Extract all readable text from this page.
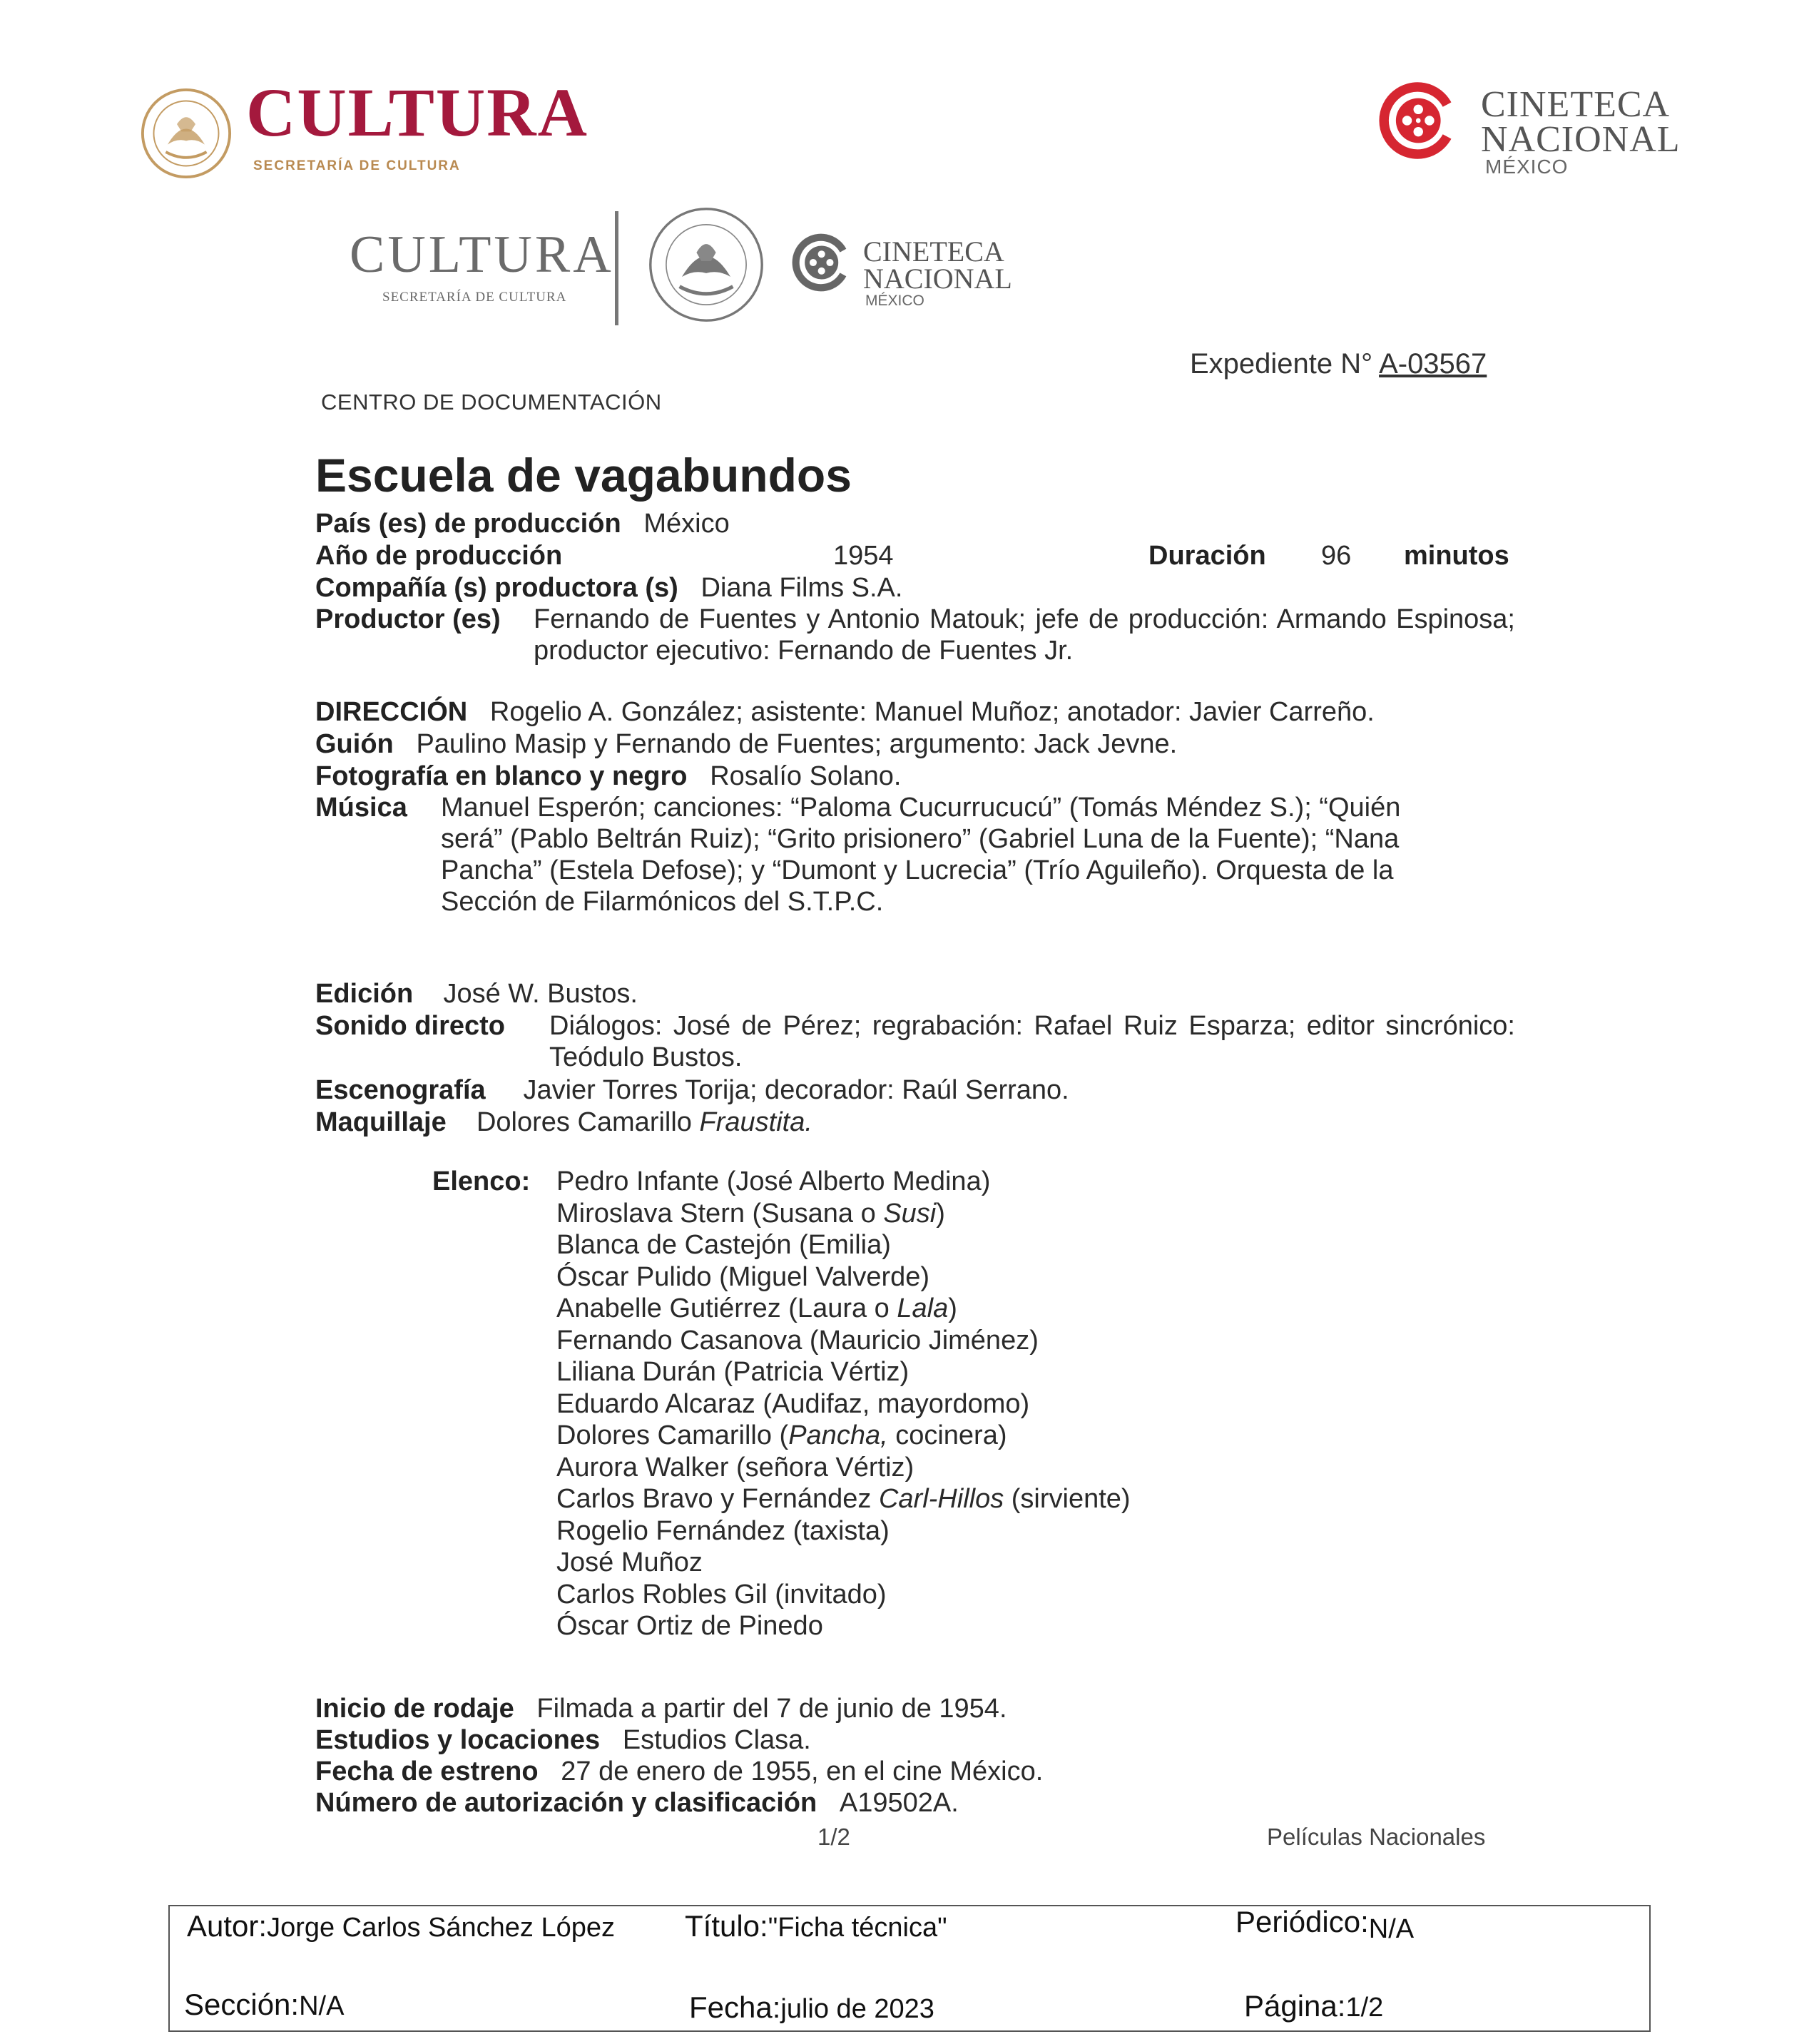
CULTURA
SECRETARÍA DE CULTURA
CINETECA
NACIONAL
MÉXICO
CULTURA
SECRETARÍA DE CULTURA
CINETECA
NACIONAL
MÉXICO
Expediente N° A-03567
CENTRO DE DOCUMENTACIÓN
Escuela de vagabundos
País (es) de producción México
Año de producción	1954	Duración 96 minutos
Compañía (s) productora (s) Diana Films S.A.
Productor (es) Fernando de Fuentes y Antonio Matouk; jefe de producción: Armando Espinosa; productor ejecutivo: Fernando de Fuentes Jr.
DIRECCIÓN Rogelio A. González; asistente: Manuel Muñoz; anotador: Javier Carreño.
Guión Paulino Masip y Fernando de Fuentes; argumento: Jack Jevne.
Fotografía en blanco y negro Rosalío Solano.
Música Manuel Esperón; canciones: “Paloma Cucurrucucú” (Tomás Méndez S.); “Quién será” (Pablo Beltrán Ruiz); “Grito prisionero” (Gabriel Luna de la Fuente); “Nana Pancha” (Estela Defose); y “Dumont y Lucrecia” (Trío Aguileño). Orquesta de la Sección de Filarmónicos del S.T.P.C.
Edición José W. Bustos.
Sonido directo Diálogos: José de Pérez; regrabación: Rafael Ruiz Esparza; editor sincrónico: Teódulo Bustos.
Escenografía Javier Torres Torija; decorador: Raúl Serrano.
Maquillaje Dolores Camarillo Fraustita.
Elenco: Pedro Infante (José Alberto Medina)
Miroslava Stern (Susana o Susi)
Blanca de Castejón (Emilia)
Óscar Pulido (Miguel Valverde)
Anabelle Gutiérrez (Laura o Lala)
Fernando Casanova (Mauricio Jiménez)
Liliana Durán (Patricia Vértiz)
Eduardo Alcaraz (Audifaz, mayordomo)
Dolores Camarillo (Pancha, cocinera)
Aurora Walker (señora Vértiz)
Carlos Bravo y Fernández Carl-Hillos (sirviente)
Rogelio Fernández (taxista)
José Muñoz
Carlos Robles Gil (invitado)
Óscar Ortiz de Pinedo
Inicio de rodaje Filmada a partir del 7 de junio de 1954.
Estudios y locaciones Estudios Clasa.
Fecha de estreno 27 de enero de 1955, en el cine México.
Número de autorización y clasificación A19502A.
1/2	Películas Nacionales
Autor:Jorge Carlos Sánchez López Título:"Ficha técnica"	Periódico:N/A
Sección:N/A	Fecha:julio de 2023	Página:1/2
